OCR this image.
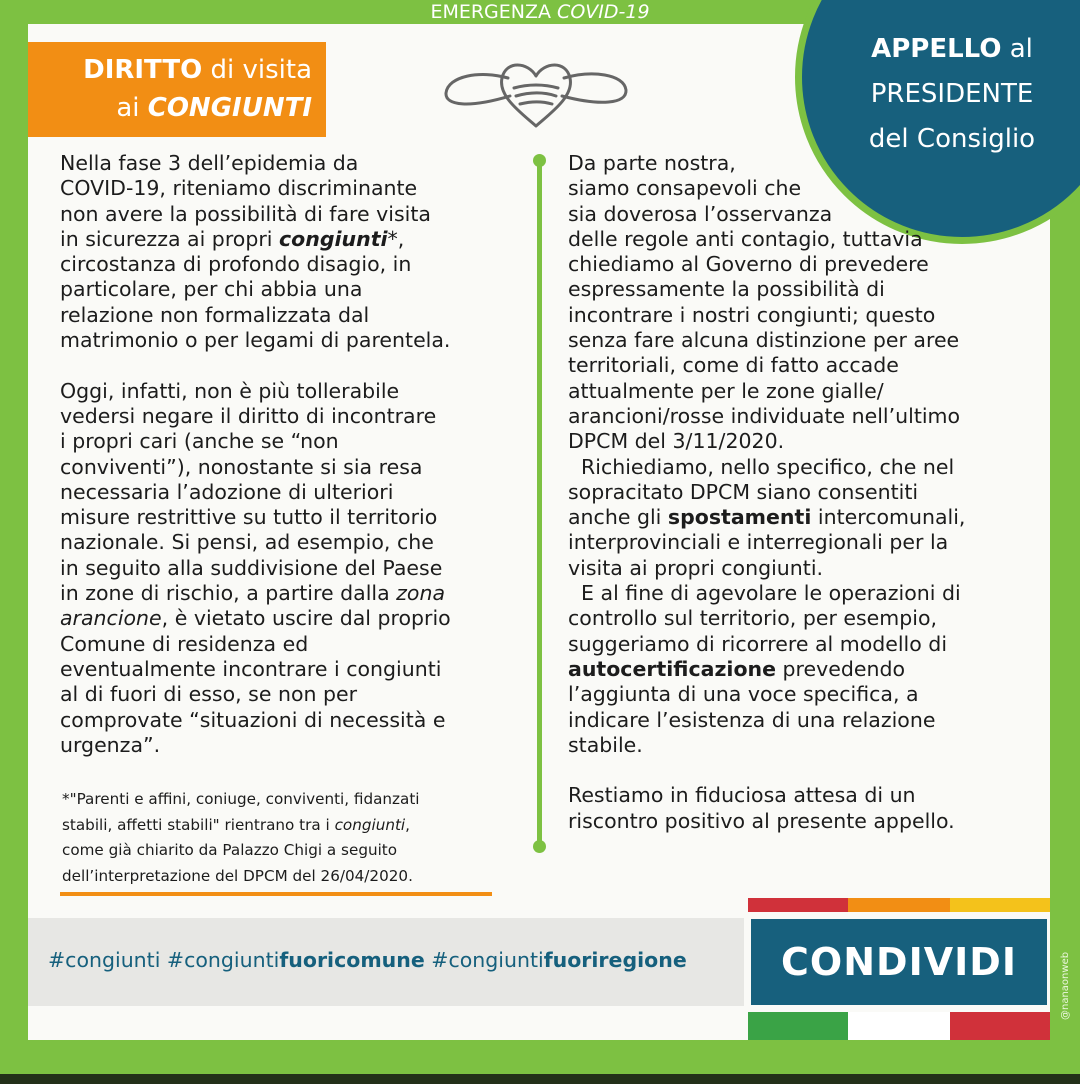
EMERGENZA COVID-19
DIRITTO di visita
ai CONGIUNTI
APPELLO al
PRESIDENTE
del Consiglio
Nella fase 3 dell’epidemia da
COVID-19, riteniamo discriminante
non avere la possibilità di fare visita
in sicurezza ai propri congiunti*,
circostanza di profondo disagio, in
particolare, per chi abbia una
relazione non formalizzata dal
matrimonio o per legami di parentela.

Oggi, infatti, non è più tollerabile
vedersi negare il diritto di incontrare
i propri cari (anche se “non
conviventi”), nonostante si sia resa
necessaria l’adozione di ulteriori
misure restrittive su tutto il territorio
nazionale. Si pensi, ad esempio, che
in seguito alla suddivisione del Paese
in zone di rischio, a partire dalla zona
arancione, è vietato uscire dal proprio
Comune di residenza ed
eventualmente incontrare i congiunti
al di fuori di esso, se non per
comprovate “situazioni di necessità e
urgenza”.
*"Parenti e affini, coniuge, conviventi, fidanzati
stabili, affetti stabili" rientrano tra i congiunti,
come già chiarito da Palazzo Chigi a seguito
dell’interpretazione del DPCM del 26/04/2020.
Da parte nostra,
siamo consapevoli che
sia doverosa l’osservanza
delle regole anti contagio, tuttavia
chiediamo al Governo di prevedere
espressamente la possibilità di
incontrare i nostri congiunti; questo
senza fare alcuna distinzione per aree
territoriali, come di fatto accade
attualmente per le zone gialle/
arancioni/rosse individuate nell’ultimo
DPCM del 3/11/2020.
Richiediamo, nello specifico, che nel
sopracitato DPCM siano consentiti
anche gli spostamenti intercomunali,
interprovinciali e interregionali per la
visita ai propri congiunti.
E al fine di agevolare le operazioni di
controllo sul territorio, per esempio,
suggeriamo di ricorrere al modello di
autocertificazione prevedendo
l’aggiunta di una voce specifica, a
indicare l’esistenza di una relazione
stabile.

Restiamo in fiduciosa attesa di un
riscontro positivo al presente appello.
#congiunti #congiuntifuoricomune #congiuntifuoriregione	CONDIVIDI	@nanaonweb
